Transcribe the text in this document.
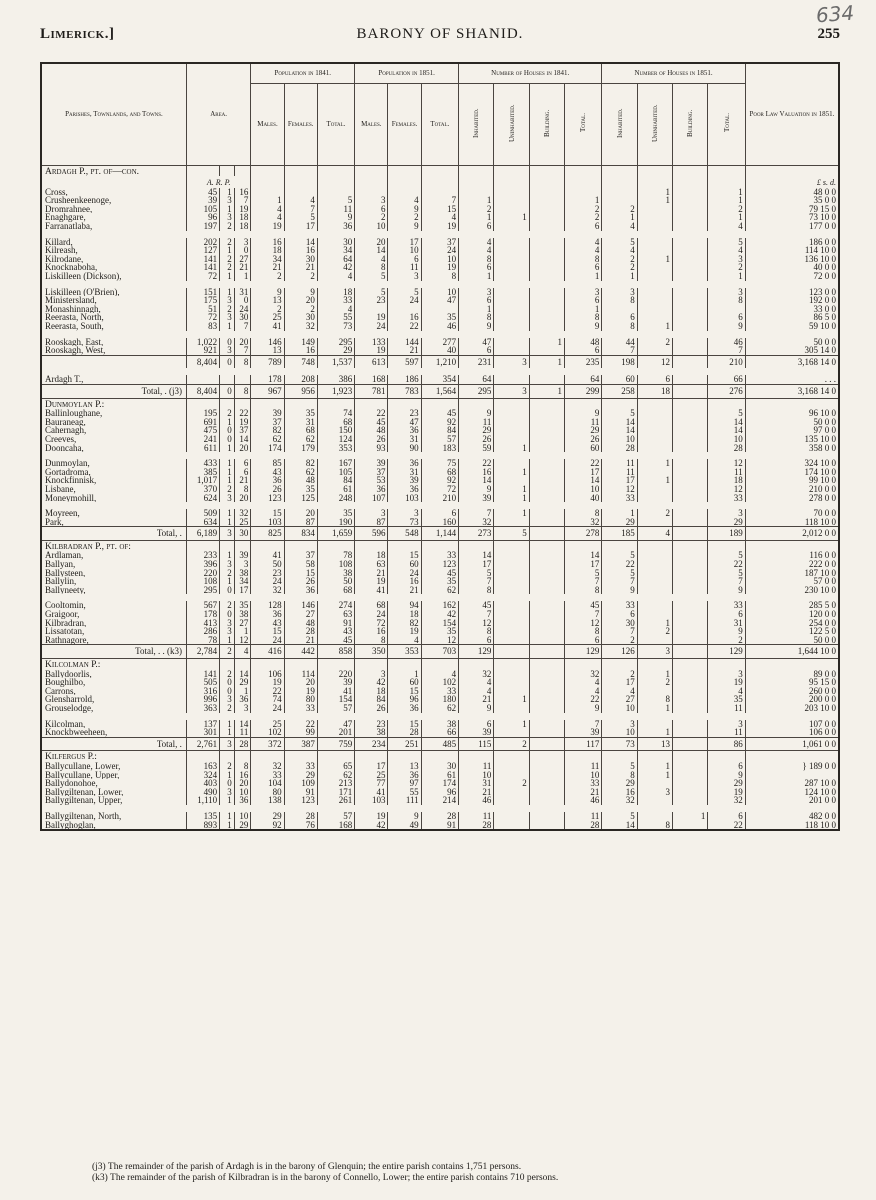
Limerick.]	BARONY OF SHANID.	255
634
Parishes, Townlands, and Towns.	Area.			Population in 1841.			Population in 1851.			Number of Houses in 1841.				Number of Houses in 1851.				Poor Law Valuation in 1851.
				Males.	Females.	Total.	Males.	Females.	Total.	Inhabited.	Uninhabited.	Building.	Total.	Inhabited.	Uninhabited.	Building.	Total.	
Ardagh P., pt. of—con.																		
	A. R. P.																	£ s. d.
Cross,	45	1	16												1		1	48 0 0
Crusheenkeenoge,	39	3	7	1	4	5	3	4	7	1			1		1		1	35 0 0
Dromrahnee,	105	1	19	4	7	11	6	9	15	2			2	2			2	79 15 0
Enaghgare,	96	3	18	4	5	9	2	2	4	1	1		2	1			1	73 10 0
Farranatlaba,	197	2	18	19	17	36	10	9	19	6			6	4			4	177 0 0

Killard,	202	2	3	16	14	30	20	17	37	4			4	5			5	186 0 0
Kilreash,	127	1	0	18	16	34	14	10	24	4			4	4			4	114 10 0
Kilrodane,	141	2	27	34	30	64	4	6	10	8			8	2	1		3	136 10 0
Knocknaboha,	141	2	21	21	21	42	8	11	19	6			6	2			2	40 0 0
Liskilleen (Dickson),	72	1	1	2	2	4	5	3	8	1			1	1			1	72 0 0

Liskilleen (O'Brien),	151	1	31	9	9	18	5	5	10	3			3	3			3	123 0 0
Ministersland,	175	3	0	13	20	33	23	24	47	6			6	8			8	192 0 0
Monashinnagh,	51	2	24	2	2	4				1			1					33 0 0
Reerasta, North,	72	3	30	25	30	55	19	16	35	8			8	6			6	86 5 0
Reerasta, South,	83	1	7	41	32	73	24	22	46	9			9	8	1		9	59 10 0

Rooskagh, East,	1,022	0	20	146	149	295	133	144	277	47		1	48	44	2		46	50 0 0
Rooskagh, West,	921	3	7	13	16	29	19	21	40	6			6	7			7	305 14 0
	8,404	0	8	789	748	1,537	613	597	1,210	231	3	1	235	198	12		210	3,168 14 0

Ardagh T.,				178	208	386	168	186	354	64			64	60	6		66	. . .
Total, . (j3)	8,404	0	8	967	956	1,923	781	783	1,564	295	3	1	299	258	18		276	3,168 14 0
Dunmoylan P.:																		
Ballinloughane,	195	2	22	39	35	74	22	23	45	9			9	5			5	96 10 0
Bauraneag,	691	1	19	37	31	68	45	47	92	11			11	14			14	50 0 0
Cahernagh,	475	0	37	82	68	150	48	36	84	29			29	14			14	97 0 0
Creeves,	241	0	14	62	62	124	26	31	57	26			26	10			10	135 10 0
Dooncaha,	611	1	20	174	179	353	93	90	183	59	1		60	28			28	358 0 0

Dunmoylan,	433	1	6	85	82	167	39	36	75	22			22	11	1		12	324 10 0
Gortadroma,	385	1	6	43	62	105	37	31	68	16	1		17	11			11	174 10 0
Knockfinnisk,	1,017	1	21	36	48	84	53	39	92	14			14	17	1		18	99 10 0
Lisbane,	370	2	8	26	35	61	36	36	72	9	1		10	12			12	210 0 0
Moneymohill,	624	3	20	123	125	248	107	103	210	39	1		40	33			33	278 0 0

Moyreen,	509	1	32	15	20	35	3	3	6	7	1		8	1	2		3	70 0 0
Park,	634	1	25	103	87	190	87	73	160	32			32	29			29	118 10 0
Total, .	6,189	3	30	825	834	1,659	596	548	1,144	273	5		278	185	4		189	2,012 0 0
Kilbradran P., pt. of:																		
Ardlaman,	233	1	39	41	37	78	18	15	33	14			14	5			5	116 0 0
Ballyan,	396	3	3	50	58	108	63	60	123	17			17	22			22	222 0 0
Ballysteen,	220	2	38	23	15	38	21	24	45	5			5	5			5	187 10 0
Ballylin,	108	1	34	24	26	50	19	16	35	7			7	7			7	57 0 0
Ballyneety,	295	0	17	32	36	68	41	21	62	8			8	9			9	230 10 0

Cooltomin,	567	2	35	128	146	274	68	94	162	45			45	33			33	285 5 0
Graigoor,	178	0	38	36	27	63	24	18	42	7			7	6			6	120 0 0
Kilbradran,	413	3	27	43	48	91	72	82	154	12			12	30	1		31	254 0 0
Lissatotan,	286	3	1	15	28	43	16	19	35	8			8	7	2		9	122 5 0
Rathnagore,	78	1	12	24	21	45	8	4	12	6			6	2			2	50 0 0
Total, . . (k3)	2,784	2	4	416	442	858	350	353	703	129			129	126	3		129	1,644 10 0
Kilcolman P.:																		
Ballydoorlis,	141	2	14	106	114	220	3	1	4	32			32	2	1		3	89 0 0
Boughilbo,	505	0	29	19	20	39	42	60	102	4			4	17	2		19	95 15 0
Carrons,	316	0	1	22	19	41	18	15	33	4			4	4			4	260 0 0
Glensharrold,	996	3	36	74	80	154	84	96	180	21	1		22	27	8		35	200 0 0
Grouselodge,	363	2	3	24	33	57	26	36	62	9			9	10	1		11	203 10 0

Kilcolman,	137	1	14	25	22	47	23	15	38	6	1		7	3			3	107 0 0
Knockbweeheen,	301	1	11	102	99	201	38	28	66	39			39	10	1		11	106 0 0
Total, .	2,761	3	28	372	387	759	234	251	485	115	2		117	73	13		86	1,061 0 0
Kilfergus P.:																		
Ballycullane, Lower,	163	2	8	32	33	65	17	13	30	11			11	5	1		6	} 189 0 0
Ballycullane, Upper,	324	1	16	33	29	62	25	36	61	10			10	8	1		9	
Ballydonohoe,	403	0	20	104	109	213	77	97	174	31	2		33	29			29	287 10 0
Ballygiltenan, Lower,	490	3	10	80	91	171	41	55	96	21			21	16	3		19	124 10 0
Ballygiltenan, Upper,	1,110	1	36	138	123	261	103	111	214	46			46	32			32	201 0 0

Ballygiltenan, North,	135	1	10	29	28	57	19	9	28	11			11	5		1	6	482 0 0
Ballyghoglan,	893	1	29	92	76	168	42	49	91	28			28	14	8		22	118 10 0
(j3) The remainder of the parish of Ardagh is in the barony of Glenquin; the entire parish contains 1,751 persons.
(k3) The remainder of the parish of Kilbradran is in the barony of Connello, Lower; the entire parish contains 710 persons.
